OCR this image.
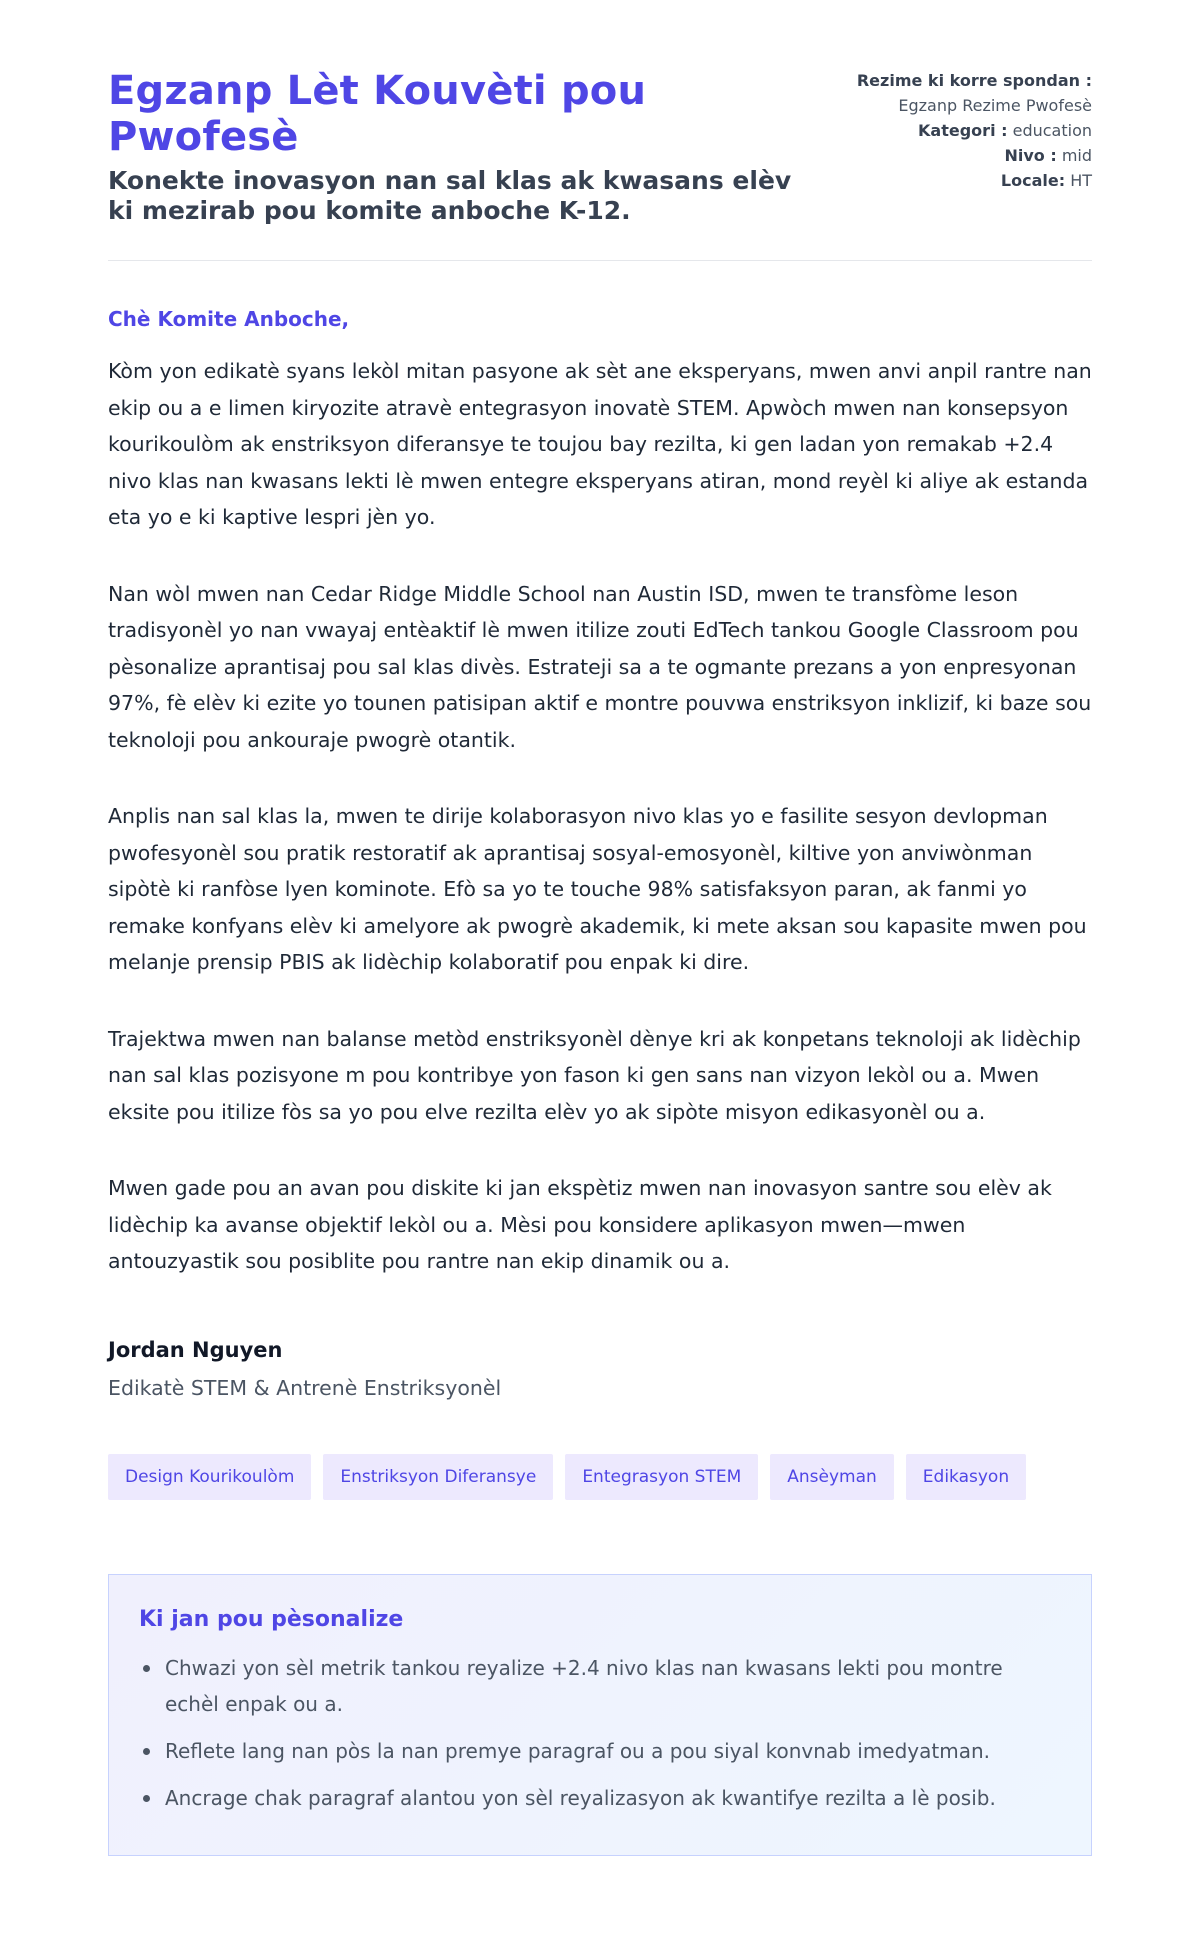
Egzanp Lèt Kouvèti pou Pwofesè
Konekte inovasyon nan sal klas ak kwasans elèv ki mezirab pou komite anboche K-12.
Rezime ki korre spondan :
Egzanp Rezime Pwofesè
Kategori : education
Nivo : mid
Locale: HT
Chè Komite Anboche,

Kòm yon edikatè syans lekòl mitan pasyone ak sèt ane eksperyans, mwen anvi anpil rantre nan ekip ou a e limen kiryozite atravè entegrasyon inovatè STEM. Apwòch mwen nan konsepsyon kourikoulòm ak enstriksyon diferansye te toujou bay rezilta, ki gen ladan yon remakab +2.4 nivo klas nan kwasans lekti lè mwen entegre eksperyans atiran, mond reyèl ki aliye ak estanda eta yo e ki kaptive lespri jèn yo.

Nan wòl mwen nan Cedar Ridge Middle School nan Austin ISD, mwen te transfòme leson tradisyonèl yo nan vwayaj entèaktif lè mwen itilize zouti EdTech tankou Google Classroom pou pèsonalize aprantisaj pou sal klas divès. Estrateji sa a te ogmante prezans a yon enpresyonan 97%, fè elèv ki ezite yo tounen patisipan aktif e montre pouvwa enstriksyon inklizif, ki baze sou teknoloji pou ankouraje pwogrè otantik.

Anplis nan sal klas la, mwen te dirije kolaborasyon nivo klas yo e fasilite sesyon devlopman pwofesyonèl sou pratik restoratif ak aprantisaj sosyal-emosyonèl, kiltive yon anviwònman sipòtè ki ranfòse lyen kominote. Efò sa yo te touche 98% satisfaksyon paran, ak fanmi yo remake konfyans elèv ki amelyore ak pwogrè akademik, ki mete aksan sou kapasite mwen pou melanje prensip PBIS ak lidèchip kolaboratif pou enpak ki dire.

Trajektwa mwen nan balanse metòd enstriksyonèl dènye kri ak konpetans teknoloji ak lidèchip nan sal klas pozisyone m pou kontribye yon fason ki gen sans nan vizyon lekòl ou a. Mwen eksite pou itilize fòs sa yo pou elve rezilta elèv yo ak sipòte misyon edikasyonèl ou a.

Mwen gade pou an avan pou diskite ki jan ekspètiz mwen nan inovasyon santre sou elèv ak lidèchip ka avanse objektif lekòl ou a. Mèsi pou konsidere aplikasyon mwen—mwen antouzyastik sou posiblite pou rantre nan ekip dinamik ou a.

Jordan Nguyen
Edikatè STEM & Antrenè Enstriksyonèl
Design Kourikoulòm	Enstriksyon Diferansye	Entegrasyon STEM	Ansèyman	Edikasyon
Ki jan pou pèsonalize
Chwazi yon sèl metrik tankou reyalize +2.4 nivo klas nan kwasans lekti pou montre echèl enpak ou a.
Reflete lang nan pòs la nan premye paragraf ou a pou siyal konvnab imedyatman.
Ancrage chak paragraf alantou yon sèl reyalizasyon ak kwantifye rezilta a lè posib.
